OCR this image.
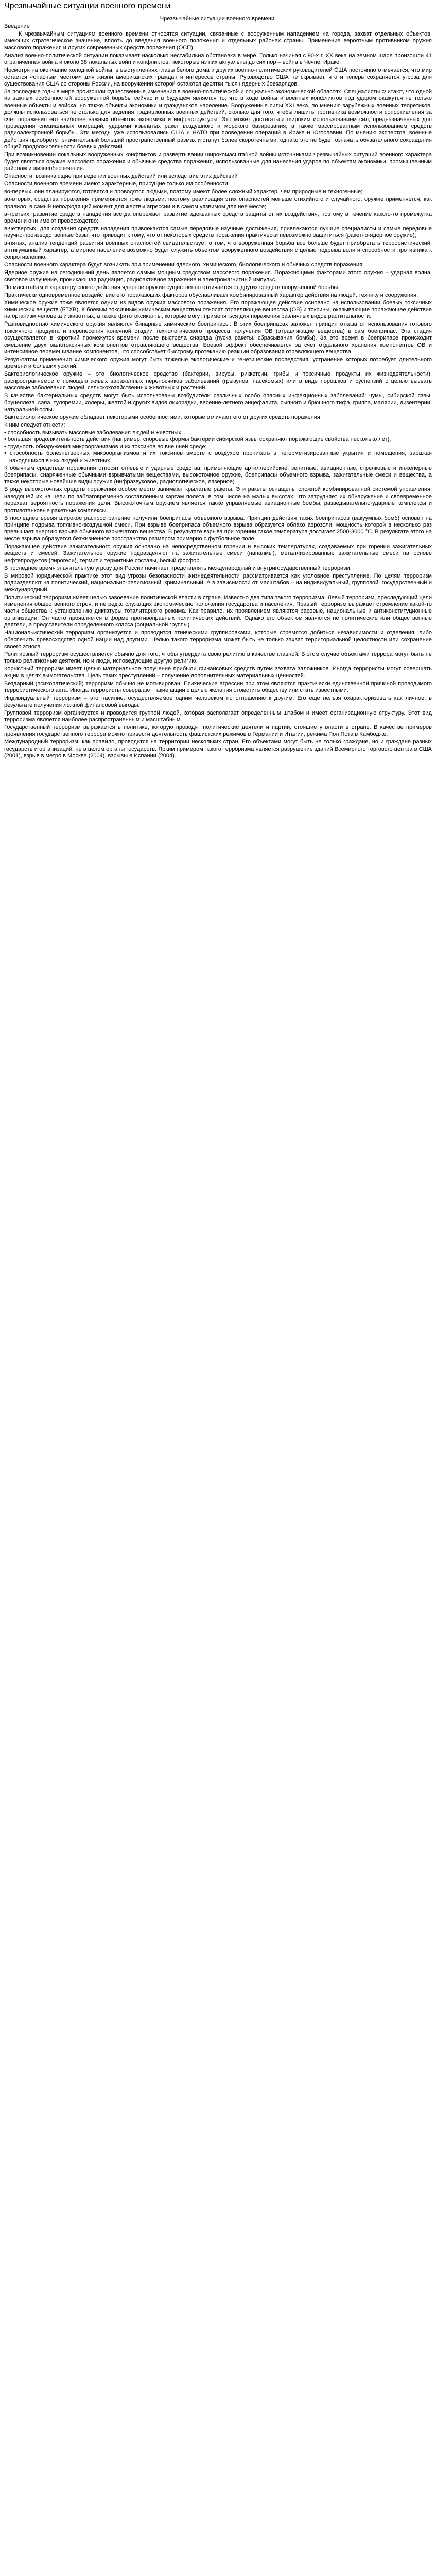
Чрезвычайные ситуации военного времени

Чрезвычайные ситуации военного времени.

Введение

К чрезвычайным ситуациям военного времени относятся ситуации, связанные с вооруженным нападением на города, захват отдельных объектов, имеющих стратегическое значение, вплоть до введения военного положения и отдельных районах страны. Применение вероятным противником оружия массового поражения и других современных средств поражения (ОСП).

Анализ военно-политической ситуации показывает насколько нестабильна обстановка в мире. Только начиная с 90-х г. XX века на земном шаре произошли 41 ограниченная война и около 38 локальных войн и конфликтов, некоторые из них актуальны до сих пор – война в Чечне, Ираке.

Несмотря на окончание холодной войны, в выступлениях главы белого дома и других военно-политических руководителей США постоянно отмечается, что мир остается «опасным местом» для жизни американских граждан и интересов страны. Руководство США не скрывает, что и теперь сохраняется угроза для существования США со стороны России, на вооружении которой остаются десятки тысяч ядерных боезарядов.

За последние годы в мире произошли существенные изменения в военно-политической и социально-экономической областях. Специалисты считают, что одной из важных особенностей вооруженной борьбы сейчас и в будущем является то, что в ходе войны и военных конфликтов под ударом окажутся не только военные объекты и войска, но также объекты экономики и гражданское население. Вооруженные силы XXI века, по мнению зарубежных военных теоретиков, должны использоваться не столько для ведения традиционных военных действий, сколько для того, чтобы лишить противника возможности сопротивления за счет поражения его наиболее важных объектов экономики и инфраструктуры. Это может достигаться широким использованием сил, предназначенных для проведения специальных операций, ударами крылатых ракет воздушного и морского базирования, а также массированным использованием средств радиоэлектронной борьбы. Эти методы уже использовались США и НАТО при проведении операций в Ираке и Югославии. По мнению экспертов, военные действия приобретут значительный больший пространственный размах и станут более скоротечными, однако это не будет означать обязательного сокращения общей продолжительности боевых действий.

При возникновении локальных вооруженных конфликтов и развертывании широкомасштабной войны источниками чрезвычайных ситуаций военного характера будет являться оружие массового поражения и обычные средства поражения, использованные для нанесения ударов по объектам экономики, промышленным районам и жизнеобеспечения.

Опасности, возникающие при ведении военных действий или вследствие этих действий

Опасности военного времени имеют характерные, присущие только им особенности:

во-первых, они планируются, готовятся и проводятся людьми, поэтому имеют более сложный характер, чем природные и техногенные;

во-вторых, средства поражения применяются тоже людьми, поэтому реализация этих опасностей меньше стихийного и случайного, оружие применяется, как правило, в самый неподходящий момент для жертвы агрессии и в самом уязвимом для нее месте;

в-третьих, развитие средств нападения всегда опережает развитие адекватных средств защиты от их воздействия, поэтому в течение какого-то промежутка времени они имеют превосходство;

в-четвертых, для создания средств нападения привлекаются самые передовые научные достижения, привлекаются лучшие специалисты и самые передовые научно-производственные базы, что приводит к тому, что от некоторых средств поражения практически невозможно защититься (ракетно-ядерное оружие);

в-пятых, анализ тенденций развития военных опасностей свидетельствует о том, что вооруженная борьба все больше будет приобретать террористический, антигуманный характер, а мирное население возможно будет служить объектом вооруженного воздействия с целью подрыва воли и способности противника к сопротивлению.

Опасности военного характера будут возникать при применении ядерного, химического, биологического и обычных средств поражения.

Ядерное оружие на сегодняшний день является самым мощным средством массового поражения. Поражающими факторами этого оружия – ударная волна, световое излучение, проникающая радиация, радиоактивное заражение и электромагнитный импульс.

По масштабам и характеру своего действия ядерное оружие существенно отличается от других средств вооруженной борьбы.

Практически одновременное воздействие его поражающих факторов обуславливает комбинированный характер действия на людей, технику и сооружения.

Химическое оружие тоже является одним из видов оружия массового поражения. Его поражающее действие основано на использовании боевых токсичных химических веществ (БТХВ). К боевым токсичным химическим веществам относят отравляющие вещества (ОВ) и токсины, оказывающие поражающее действие на организм человека и животных, а также фитотоксиканты, которые могут применяться для поражения различных видов растительности.

Разновидностью химического оружия являются бинарные химические боеприпасы. В этих боеприпасах заложен принцип отказа от использования готового токсичного продукта и перенесения конечной стадии технологического процесса получения ОВ (отравляющие вещества) в сам боеприпас. Эта стадия осуществляется в короткий промежуток времени после выстрела снаряда (пуска ракеты, сбрасывания бомбы). За это время в боеприпасе происходит смешение двух малотоксичных компонентов отравляющего вещества. Боевой эффект обеспечивается за счет отдельного хранения компонентов ОВ и интенсивное перемешивание компонентов, что способствует быстрому протеканию реакции образования отравляющего вещества.

Результатом применения химического оружия могут быть тяжелые экологические и генетические последствия, устранение которых потребует длительного времени и больших усилий.

Бактериологическое оружие – это биологическое средство (бактерии, вирусы, риккетсии, грибы и токсичные продукты их жизнедеятельности), распространяемое с помощью живых зараженных переносчиков заболеваний (грызунов, насекомых) или в виде порошков и суспензий с целью вызвать массовые заболевания людей, сельскохозяйственных животных и растений.

В качестве бактериальных средств могут быть использованы возбудители различных особо опасных инфекционных заболеваний: чумы, сибирской язвы, бруцеллеза, сапа, туляремии, холеры, желтой и других видов лихорадки, весенне-летнего энцефалита, сыпного и брюшного тифа, гриппа, малярии, дизентерии, натуральной оспы.

Бактериологическое оружие обладает некоторыми особенностями, которые отличают его от других средств поражения.

К ним следует отнести:

• способность вызывать массовые заболевания людей и животных;
• большая продолжительность действия (например, споровые формы бактерии сибирской язвы сохраняют поражающие свойства несколько лет);
• трудность обнаружения микроорганизмов и их токсинов во внешней среде;
• способность болезнетворных микроорганизмов и их токсинов вместе с воздухом проникать в негерметизированные укрытия и помещения, заражая находящихся в них людей и животных.

К обычным средствам поражения относят огневые и ударные средства, применяющие артиллерийские, зенитные, авиационные, стрелковые и инженерные боеприпасы, снаряженные обычными взрывчатыми веществами, высокоточное оружие, боеприпасы объемного взрыва, зажигательные смеси и вещества, а также некоторые новейшие виды оружия (инфразвуковое, радиологическое, лазерное).

В ряду высокоточных средств поражения особое место занимают крылатые ракеты. Эти ракеты оснащены сложной комбинированной системой управления, наводящей их на цели по заблаговременно составленным картам полета, в том числе на малых высотах, что затрудняет их обнаружение и своевременное перехват вероятность поражения цели. Высокоточным оружием является также управляемые авиационные бомбы, разведывательно-ударные комплексы и противотанковые ракетные комплексы.

В последнее время широкое распространение получили боеприпасы объемного взрыва. Принцип действия таких боеприпасов (вакуумных бомб) основан на принципе подрыва топливно-воздушной смеси. При взрыве боеприпаса объемного взрыва образуется облако аэрозоли, мощность которой в несколько раз превышает энергию взрыва обычного взрывчатого вещества. В результате взрыва при горении такое температура достигает 2500-3000 °С. В результате этого на месте взрыва образуется безжизненное пространство размером примерно с футбольное поле.

Поражающее действие зажигательного оружия основано на непосредственном горении и высоких температурах, создаваемых при горении зажигательных веществ и смесей. Зажигательное оружие подразделяют на зажигательные смеси (напалмы), металлизированные зажигательные смеси на основе нефтепродуктов (пирогели), термит и термитные составы, белый фосфор.

В последнее время значительную угрозу для России начинает представлять международный и внутригосударственный терроризм.

В мировой юридической практике этот вид угрозы безопасности жизнедеятельности рассматривается как уголовное преступление. По целям терроризм подразделяют на политический, национально-религиозный, криминальный. А в зависимости от масштабов – на индивидуальный, групповой, государственный и международный.

Политический терроризм имеет целью завоевание политической власти в стране. Известно два типа такого терроризма. Левый терроризм, преследующий цели изменения общественного строя, и не редко служащих экономические положения государства и населения. Правый терроризм выражает стремление какой-то части общества к установлению диктатуры тоталитарного режима. Как правило, их проявлением являются расовые, национальные и антиконституционные организации. Он часто проявляется в форме противоправных политических действий. Однако его объектом являются не политические или общественные деятели, а представители определенного класса (социальной группы).

Национальистический терроризм организуется и проводится этническими группировками, которые стремятся добиться независимости и отделения, либо обеспечить превосходство одной нации над другими. Целью такого терроризма может быть не только захват территориальной целостности или сохранение своего этноса.

Религиозный терроризм осуществляется обычно для того, чтобы утвердить свою религию в качестве главной. В этом случае объектами террора могут быть не только религиозные деятели, но и люди, исповедующие другую религию.

Корыстный терроризм имеет целью материальное получение прибыли финансовых средств путем захвата заложников. Иногда террористы могут совершать акции в целях вымогательства. Цель таких преступлений – получение дополнительных материальных ценностей.

Бездарный (психопатический) терроризм обычно не мотивирован. Психические агрессии при этом являются практически единственной причиной проводимого террористического акта. Иногда террористы совершают такие акции с целью желания отомстить обществу или стать известными.

Индивидуальный терроризм – это насилие, осуществляемое одним человеком по отношению к другим. Его еще нельзя охарактеризовать как личное, в результате получения ложной финансовой выгоды.

Групповой терроризм организуется и проводится группой людей, которая располагает определенным штабом и имеет организационную структуру. Этот вид терроризма является наиболее распространенным и масштабным.

Государственный терроризм выражается в политике, которую проводят политические деятели и партии, стоящие у власти в стране. В качестве примеров проявления государственного террора можно привести деятельность фашистских режимов в Германии и Италии, режима Пол Пота в Камбодже.

Международный терроризм, как правило, проводится на территории нескольких стран. Его объектами могут быть не только граждане, но и граждане разных государств и организаций, не в целом органы государств. Ярким примером такого терроризма является разрушение зданий Всемирного торгового центра в США (2001), взрыв в метро в Москве (2004), взрывы в Испании (2004).
